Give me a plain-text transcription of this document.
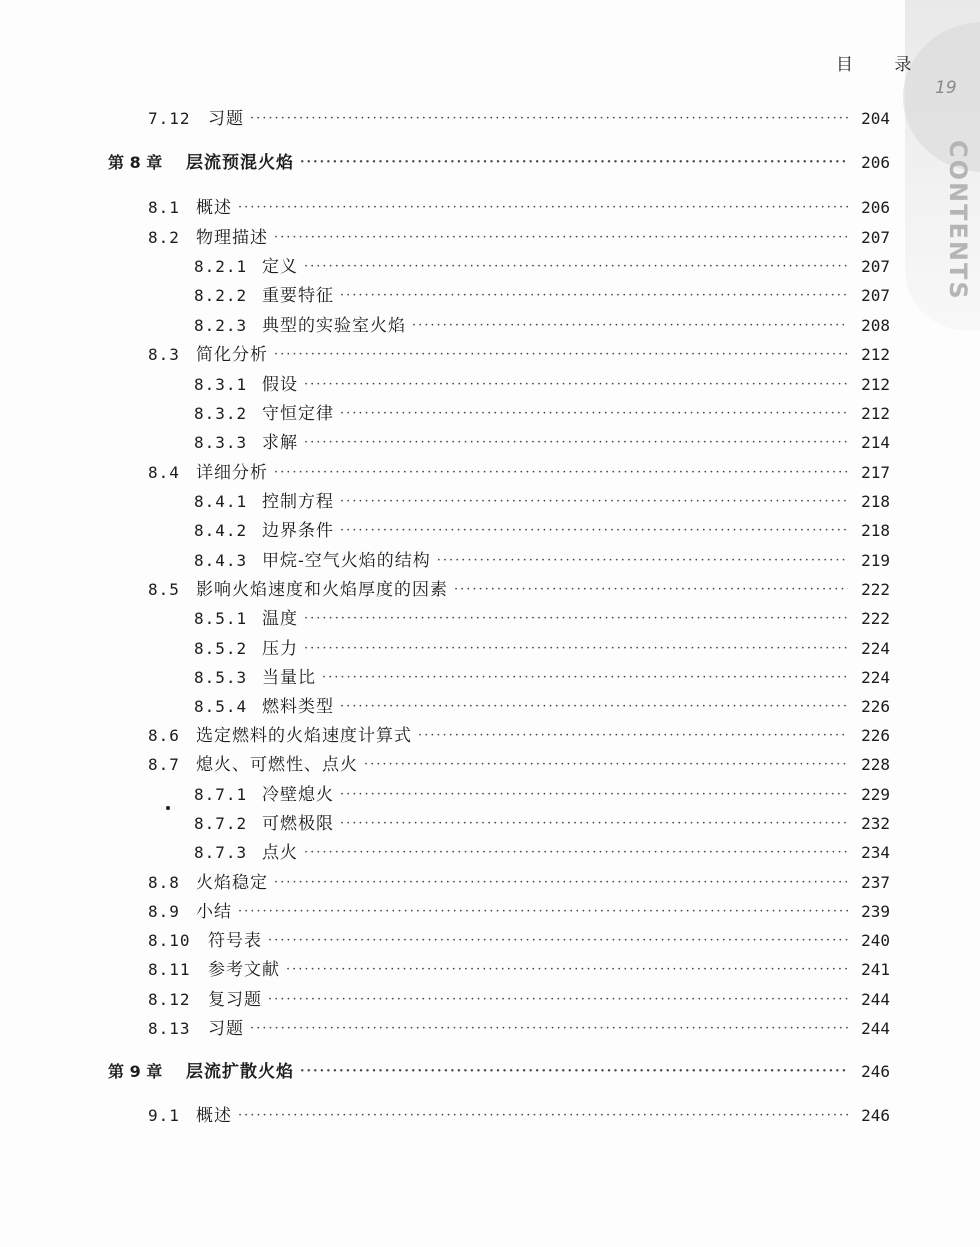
19
CONTENTS
目 录
7.12	习题 ·····	204
第 8 章	层流预混火焰 ·····	206
8.1 概述 ·····	206
8.2 物理描述 ·····	207
8.2.1 定义 ·····	207
8.2.2 重要特征 ·····	207
8.2.3 典型的实验室火焰 ·····	208
8.3 简化分析 ·····	212
8.3.1 假设 ·····	212
8.3.2 守恒定律 ·····	212
8.3.3 求解 ·····	214
8.4 详细分析 ·····	217
8.4.1 控制方程 ·····	218
8.4.2 边界条件 ·····	218
8.4.3 甲烷-空气火焰的结构 ·····	219
8.5 影响火焰速度和火焰厚度的因素 ·····	222
8.5.1 温度 ·····	222
8.5.2 压力 ·····	224
8.5.3 当量比 ·····	224
8.5.4 燃料类型 ·····	226
8.6 选定燃料的火焰速度计算式 ·····	226
8.7 熄火、可燃性、点火 ·····	228
8.7.1 冷壁熄火 ·····	229
8.7.2 可燃极限 ·····	232
8.7.3 点火 ·····	234
8.8 火焰稳定 ·····	237
8.9 小结 ·····	239
8.10	符号表 ·····	240
8.11	参考文献 ·····	241
8.12	复习题 ·····	244
8.13	习题 ·····	244
第 9 章	层流扩散火焰 ·····	246
9.1 概述 ·····	246
